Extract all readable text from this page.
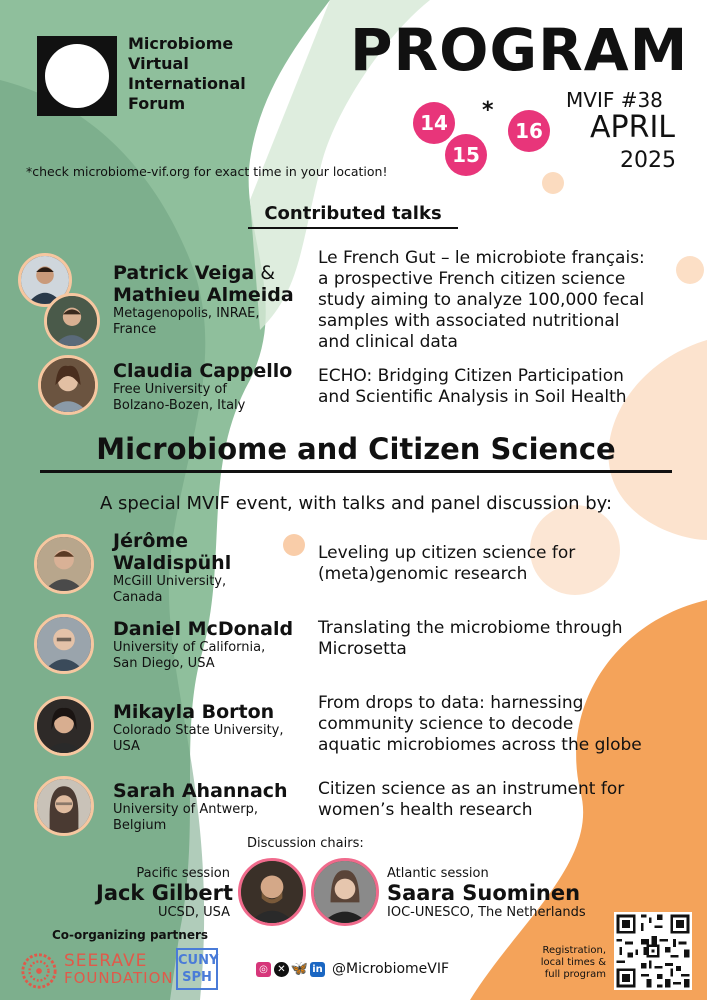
Microbiome
Virtual
International
Forum
PROGRAM
14
15
16
*	MVIF #38
APRIL
2025
*check microbiome-vif.org for exact time in your location!
Contributed talks
Patrick Veiga &
Mathieu Almeida
Metagenopolis, INRAE,
France
Le French Gut – le microbiote français:
a prospective French citizen science
study aiming to analyze 100,000 fecal
samples with associated nutritional
and clinical data
Claudia Cappello
Free University of
Bolzano-Bozen, Italy
ECHO: Bridging Citizen Participation
and Scientific Analysis in Soil Health
Microbiome and Citizen Science
A special MVIF event, with talks and panel discussion by:
Jérôme
Waldispühl
McGill University,
Canada
Leveling up citizen science for
(meta)genomic research
Daniel McDonald
University of California,
San Diego, USA
Translating the microbiome through
Microsetta
Mikayla Borton
Colorado State University,
USA
From drops to data: harnessing
community science to decode
aquatic microbiomes across the globe
Sarah Ahannach
University of Antwerp,
Belgium
Citizen science as an instrument for
women’s health research
Discussion chairs:
Pacific session
Jack Gilbert
UCSD, USA
Atlantic session
Saara Suominen
IOC-UNESCO, The Netherlands
Co-organizing partners
SEERAVE
FOUNDATION
CUNY
SPH
◎ ✕ 🦋 in @MicrobiomeVIF
Registration,
local times &
full program
